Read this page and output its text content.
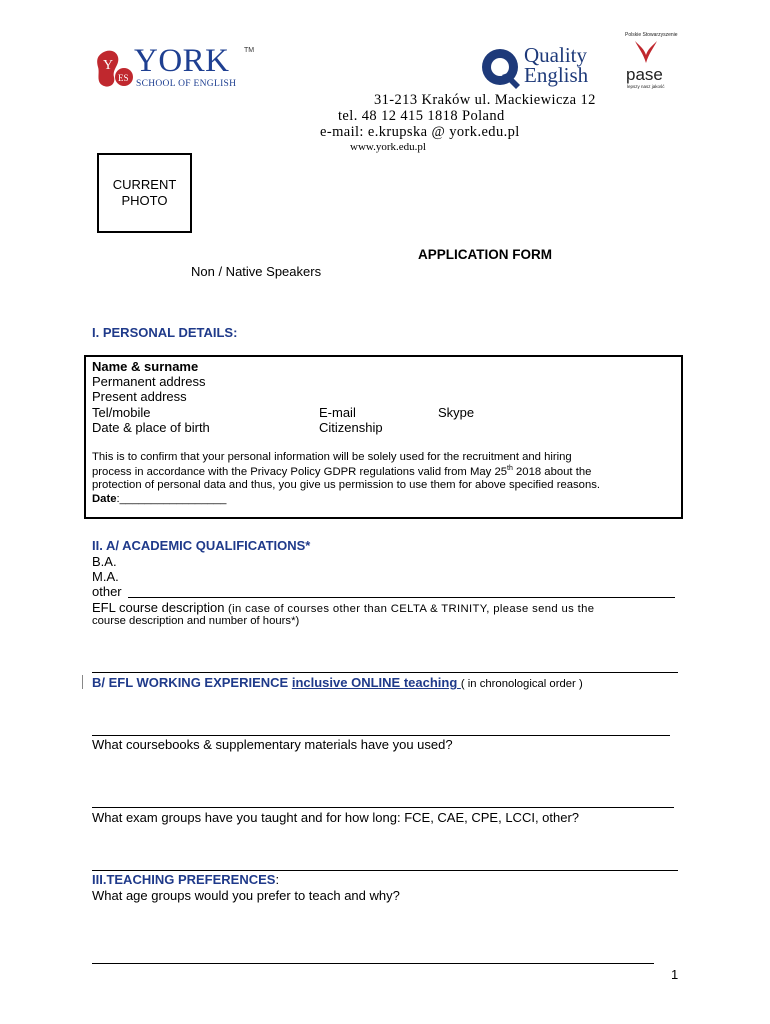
ES
Y YORK TM
SCHOOL OF ENGLISH
Quality
English
Polskie Stowarzyszenie
pase
lepszy nasz jakość
31-213 Kraków ul. Mackiewicza 12
tel. 48 12 415 1818 Poland
e-mail: e.krupska @ york.edu.pl
www.york.edu.pl
CURRENT
PHOTO
APPLICATION FORM
Non / Native Speakers
I. PERSONAL DETAILS:
Name & surname
Permanent address
Present address
Tel/mobile	E-mail	Skype
Date & place of birth	Citizenship
This is to confirm that your personal information will be solely used for the recruitment and hiring
process in accordance with the Privacy Policy GDPR regulations valid from May 25th 2018 about the
protection of personal data and thus, you give us permission to use them for above specified reasons.
Date:_________________
II. A/ ACADEMIC QUALIFICATIONS*
B.A.
M.A.
other
EFL course description (in case of courses other than CELTA & TRINITY, please send us the
course description and number of hours*)
B/ EFL WORKING EXPERIENCE inclusive ONLINE teaching ( in chronological order )
What coursebooks & supplementary materials have you used?
What exam groups have you taught and for how long: FCE, CAE, CPE, LCCI, other?
III.TEACHING PREFERENCES:
What age groups would you prefer to teach and why?
1
